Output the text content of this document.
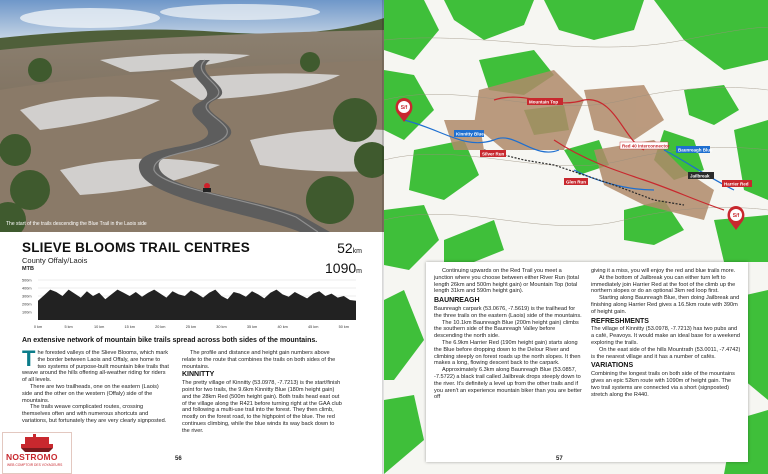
The start of the trails descending the Blue Trail in the Laois side
SLIEVE BLOOMS TRAIL CENTRES
County Offaly/Laois
MTB
52km
1090m
500m
400m
300m
200m
100m
0 km	5 km	10 km	15 km	20 km	25 km	30 km	35 km	40 km	45 km	50 km
An extensive network of mountain bike trails spread across both sides of the mountains.

The forested valleys of the Slieve Blooms, which mark the border between Laois and Offaly, are home to two systems of purpose-built mountain bike trails that weave around the hills offering all-weather riding for riders of all levels.

There are two trailheads, one on the eastern (Laois) side and the other on the western (Offaly) side of the mountains.

The trails weave complicated routes, crossing themselves often and with numerous shortcuts and variations, but fortunately they are very clearly signposted.

The profile and distance and height gain numbers above relate to the route that combines the trails on both sides of the mountains.

KINNITTY

The pretty village of Kinnitty (53.0978, -7.7213) is the start/finish point for two trails, the 9.6km Kinnitty Blue (180m height gain) and the 28km Red (500m height gain). Both trails head east out of the village along the R421 before turning right at the GAA club and following a multi-use trail into the forest. They then climb, mostly on the forest road, to the highpoint of the blue. The red continues climbing, while the blue winds its way back down to the river.

56
NOSTROMO
WEB COMPTOIR DES VOYAGEURS
Mountain Top
Kinnitty Blue
Red 40 interconnector
Baunreagh Blue
Glen Run
Jailbreak
Harrier Red
Silver Run
S/f
S/f

Continuing upwards on the Red Trail you meet a junction where you choose between either River Run (total length 26km and 500m height gain) or Mountain Top (total length 31km and 590m height gain).

BAUNREAGH

Baunreagh carpark (53.0676, -7.5619) is the trailhead for the three trails on the eastern (Laois) side of the mountains.

The 10.1km Baunreagh Blue (200m height gain) climbs the southern side of the Baunreagh Valley before descending the north side.

The 6.9km Harrier Red (190m height gain) starts along the Blue before dropping down to the Delour River and climbing steeply on forest roads up the north slopes. It then makes a long, flowing descent back to the carpark.

Approximately 6.3km along Baunreagh Blue (53.0857, -7.5722) a black trail called Jailbreak drops steeply down to the river. It's definitely a level up from the other trails and if you aren't an experience mountain biker than you are better off

giving it a miss, you will enjoy the red and blue trails more.

At the bottom of Jailbreak you can either turn left to immediately join Harrier Red at the foot of the climb up the northern slopes or do an optional 3km red loop first.

Starting along Baunreagh Blue, then doing Jailbreak and finishing along Harrier Red gives a 16.5km route with 390m of height gain.

REFRESHMENTS

The village of Kinnitty (53.0978, -7.7213) has two pubs and a café, Peavoys. It would make an ideal base for a weekend exploring the trails.

On the east side of the hills Mountrath (53.0011, -7.4742) is the nearest village and it has a number of cafés.

VARIATIONS

Combining the longest trails on both side of the mountains gives an epic 52km route with 1090m of height gain. The two trail systems are connected via a short (signposted) stretch along the R440.

57
